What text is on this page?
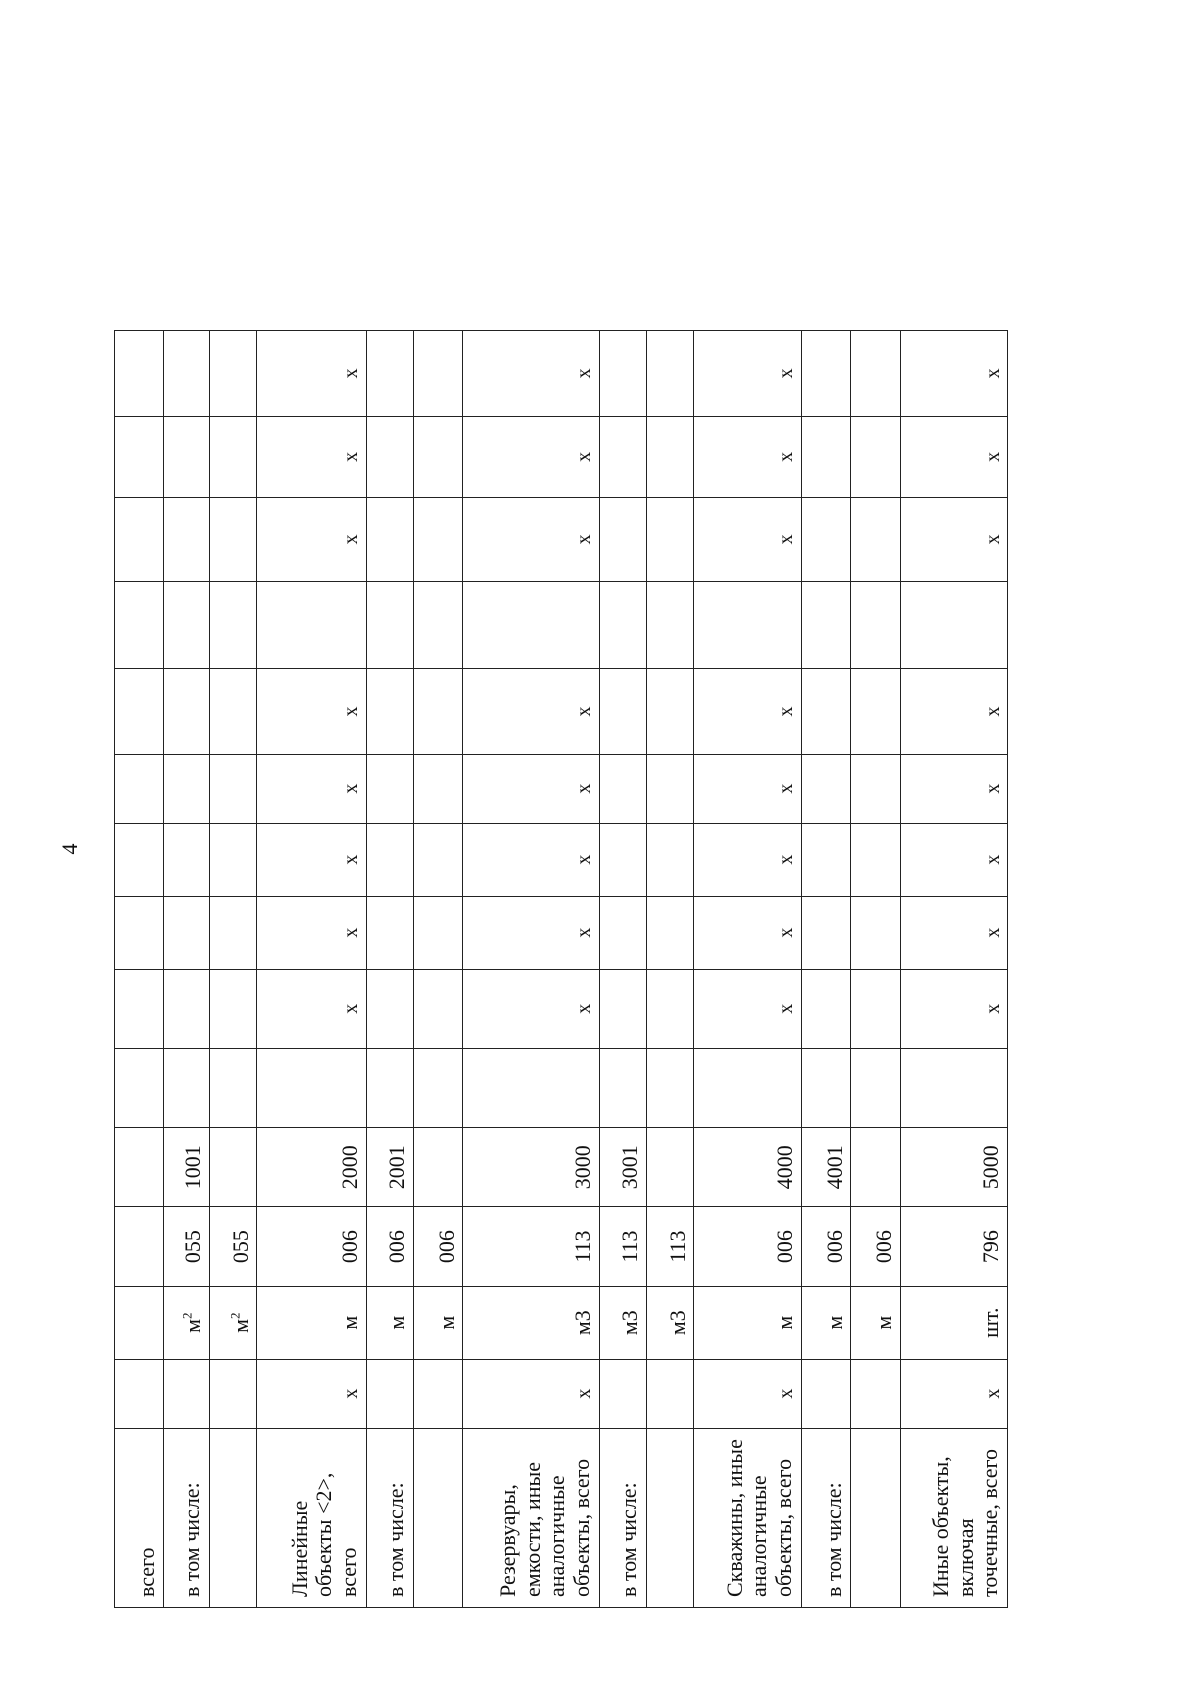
4
всего														
в том числе:		$м^2$	055	1001										
		$м^2$	055											
Линейные объекты <2>, всего	x	м	006	2000		x	x	x	x	x		x	x	x
в том числе:		м	006	2001										
		м	006											
Резервуары, емкости, иные аналогичные объекты, всего	x	м3	113	3000		x	x	x	x	x		x	x	x
в том числе:		м3	113	3001										
		м3	113											
Скважины, иные аналогичные объекты, всего	x	м	006	4000		x	x	x	x	x		x	x	x
в том числе:		м	006	4001										
		м	006											
Иные объекты, включая точечные, всего	x	шт.	796	5000		x	x	x	x	x		x	x	x
